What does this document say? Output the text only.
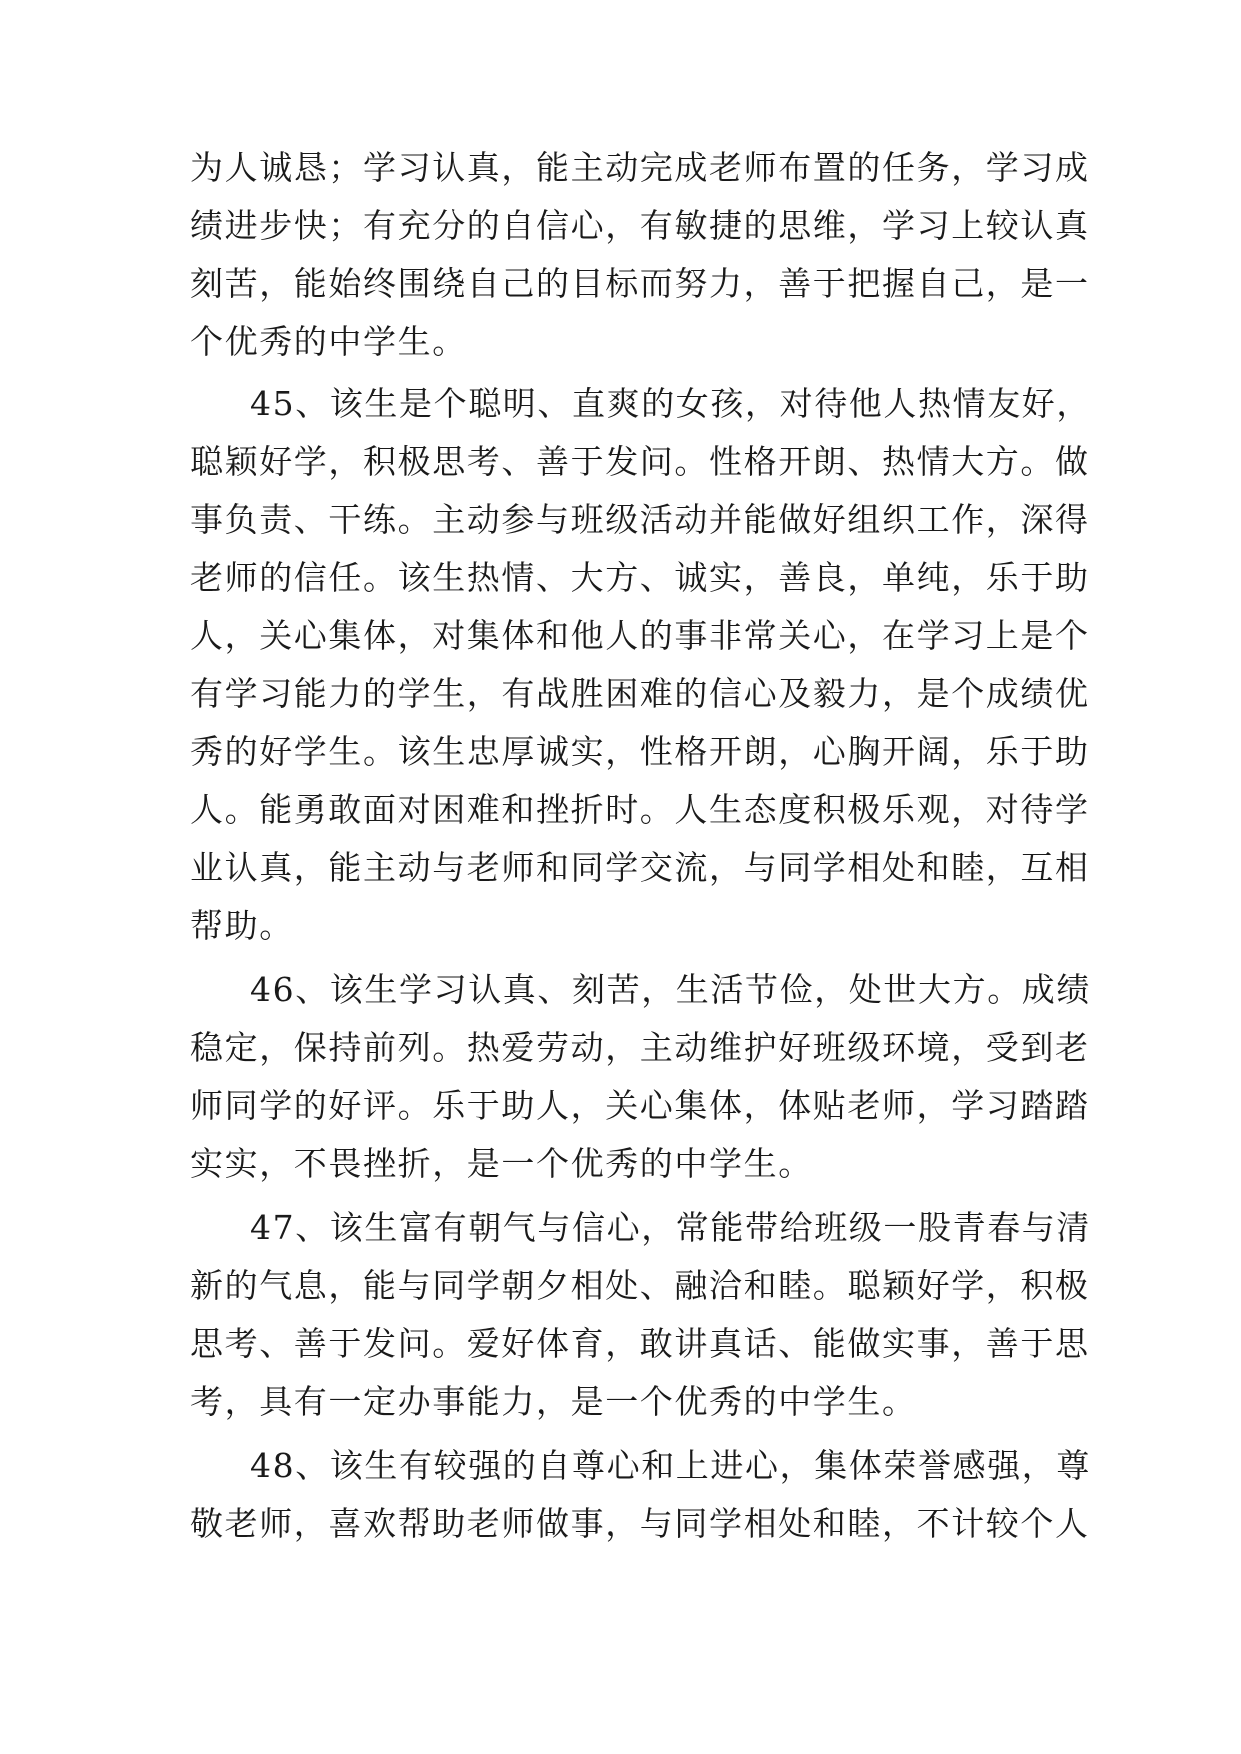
为人诚恳；学习认真，能主动完成老师布置的任务，学习成
绩进步快；有充分的自信心，有敏捷的思维，学习上较认真
刻苦，能始终围绕自己的目标而努力，善于把握自己，是一
个优秀的中学生。
45、该生是个聪明、直爽的女孩，对待他人热情友好，
聪颖好学，积极思考、善于发问。性格开朗、热情大方。做
事负责、干练。主动参与班级活动并能做好组织工作，深得
老师的信任。该生热情、大方、诚实，善良，单纯，乐于助
人，关心集体，对集体和他人的事非常关心，在学习上是个
有学习能力的学生，有战胜困难的信心及毅力，是个成绩优
秀的好学生。该生忠厚诚实，性格开朗，心胸开阔，乐于助
人。能勇敢面对困难和挫折时。人生态度积极乐观，对待学
业认真，能主动与老师和同学交流，与同学相处和睦，互相
帮助。
46、该生学习认真、刻苦，生活节俭，处世大方。成绩
稳定，保持前列。热爱劳动，主动维护好班级环境，受到老
师同学的好评。乐于助人，关心集体，体贴老师，学习踏踏
实实，不畏挫折，是一个优秀的中学生。
47、该生富有朝气与信心，常能带给班级一股青春与清
新的气息，能与同学朝夕相处、融洽和睦。聪颖好学，积极
思考、善于发问。爱好体育，敢讲真话、能做实事，善于思
考，具有一定办事能力，是一个优秀的中学生。
48、该生有较强的自尊心和上进心，集体荣誉感强，尊
敬老师，喜欢帮助老师做事，与同学相处和睦，不计较个人
